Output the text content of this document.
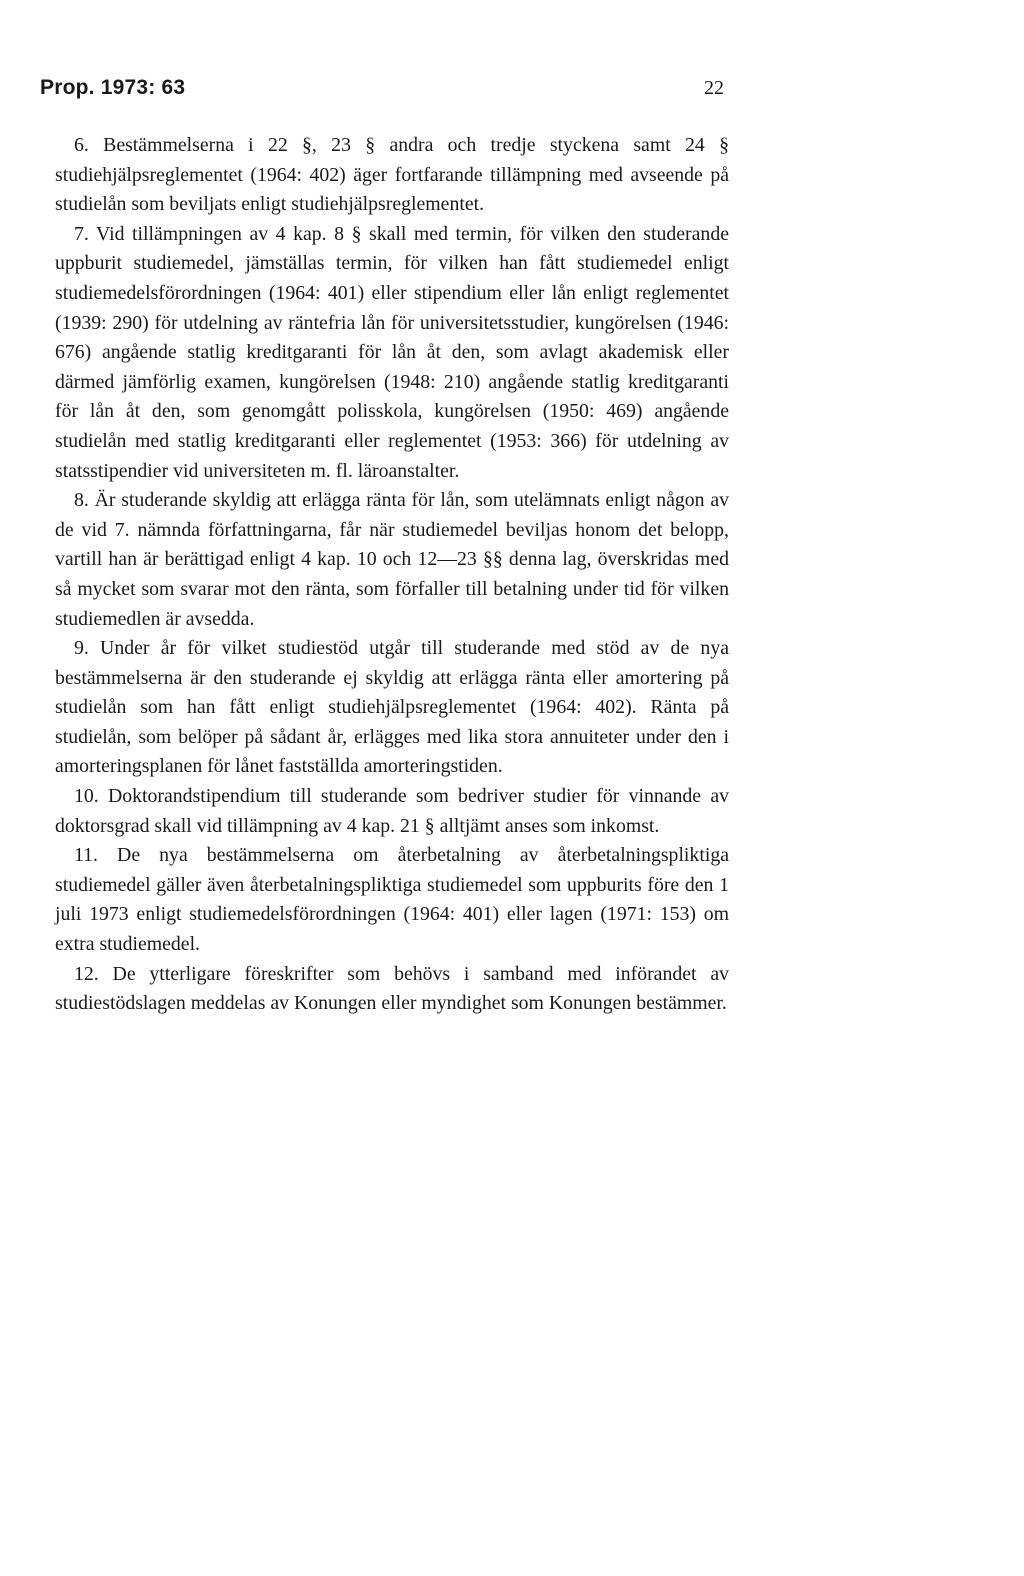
Prop. 1973: 63	22

6. Bestämmelserna i 22 §, 23 § andra och tredje styckena samt 24 § studiehjälpsreglementet (1964: 402) äger fortfarande tillämpning med avseende på studielån som beviljats enligt studiehjälpsreglementet.

7. Vid tillämpningen av 4 kap. 8 § skall med termin, för vilken den studerande uppburit studiemedel, jämställas termin, för vilken han fått studiemedel enligt studiemedelsförordningen (1964: 401) eller stipendium eller lån enligt reglementet (1939: 290) för utdelning av räntefria lån för universitetsstudier, kungörelsen (1946: 676) angående statlig kreditgaranti för lån åt den, som avlagt akademisk eller därmed jämförlig examen, kungörelsen (1948: 210) angående statlig kreditgaranti för lån åt den, som genomgått polisskola, kungörelsen (1950: 469) angående studielån med statlig kreditgaranti eller reglementet (1953: 366) för utdelning av statsstipendier vid universiteten m. fl. läroanstalter.

8. Är studerande skyldig att erlägga ränta för lån, som utelämnats enligt någon av de vid 7. nämnda författningarna, får när studiemedel beviljas honom det belopp, vartill han är berättigad enligt 4 kap. 10 och 12—23 §§ denna lag, överskridas med så mycket som svarar mot den ränta, som förfaller till betalning under tid för vilken studiemedlen är avsedda.

9. Under år för vilket studiestöd utgår till studerande med stöd av de nya bestämmelserna är den studerande ej skyldig att erlägga ränta eller amortering på studielån som han fått enligt studiehjälpsreglementet (1964: 402). Ränta på studielån, som belöper på sådant år, erlägges med lika stora annuiteter under den i amorteringsplanen för lånet fastställda amorteringstiden.

10. Doktorandstipendium till studerande som bedriver studier för vinnande av doktorsgrad skall vid tillämpning av 4 kap. 21 § alltjämt anses som inkomst.

11. De nya bestämmelserna om återbetalning av återbetalningspliktiga studiemedel gäller även återbetalningspliktiga studiemedel som uppburits före den 1 juli 1973 enligt studiemedelsförordningen (1964: 401) eller lagen (1971: 153) om extra studiemedel.

12. De ytterligare föreskrifter som behövs i samband med införandet av studiestödslagen meddelas av Konungen eller myndighet som Konungen bestämmer.
